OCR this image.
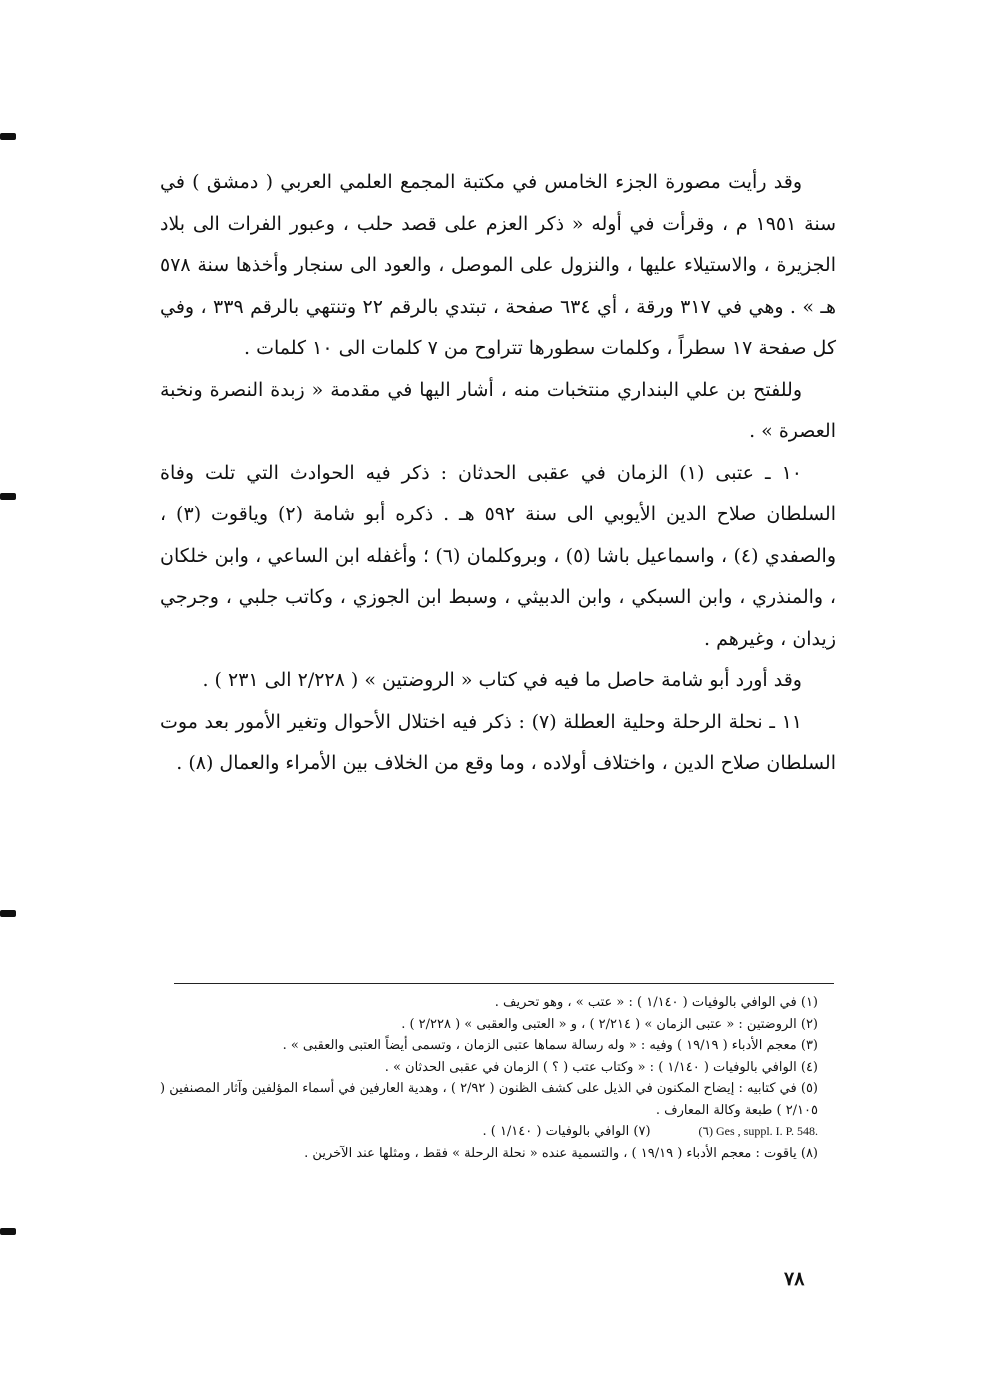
وقد رأيت مصورة الجزء الخامس في مكتبة المجمع العلمي العربي ( دمشق ) في سنة ١٩٥١ م ، وقرأت في أوله « ذكر العزم على قصد حلب ، وعبور الفرات الى بلاد الجزيرة ، والاستيلاء عليها ، والنزول على الموصل ، والعود الى سنجار وأخذها سنة ٥٧٨ هـ » . وهي في ٣١٧ ورقة ، أي ٦٣٤ صفحة ، تبتدي بالرقم ٢٢ وتنتهي بالرقم ٣٣٩ ، وفي كل صفحة ١٧ سطراً ، وكلمات سطورها تتراوح من ٧ كلمات الى ١٠ كلمات .

وللفتح بن علي البنداري منتخبات منه ، أشار اليها في مقدمة « زبدة النصرة ونخبة العصرة » .

١٠ ـ عتبى (١) الزمان في عقبى الحدثان : ذكر فيه الحوادث التي تلت وفاة السلطان صلاح الدين الأيوبي الى سنة ٥٩٢ هـ . ذكره أبو شامة (٢) وياقوت (٣) ، والصفدي (٤) ، واسماعيل باشا (٥) ، وبروكلمان (٦) ؛ وأغفله ابن الساعي ، وابن خلكان ، والمنذري ، وابن السبكي ، وابن الدبيثي ، وسبط ابن الجوزي ، وكاتب جلبي ، وجرجي زيدان ، وغيرهم .

وقد أورد أبو شامة حاصل ما فيه في كتاب « الروضتين » ( ٢/٢٢٨ الى ٢٣١ ) .

١١ ـ نحلة الرحلة وحلية العطلة (٧) : ذكر فيه اختلال الأحوال وتغير الأمور بعد موت السلطان صلاح الدين ، واختلاف أولاده ، وما وقع من الخلاف بين الأمراء والعمال (٨) .

(١) في الوافي بالوفيات ( ١/١٤٠ ) : « عتب » ، وهو تحريف .

(٢) الروضتين : « عتبى الزمان » ( ٢/٢١٤ ) ، و « العتبى والعقبى » ( ٢/٢٢٨ ) .

(٣) معجم الأدباء ( ١٩/١٩ ) وفيه : « وله رسالة سماها عتبى الزمان ، وتسمى أيضاً العتبى والعقبى » .

(٤) الوافي بالوفيات ( ١/١٤٠ ) : « وكتاب عتب ( ؟ ) الزمان في عقبى الحدثان » .

(٥) في كتابيه : إيضاح المكنون في الذيل على كشف الظنون ( ٢/٩٢ ) ، وهدية العارفين في أسماء المؤلفين وآثار المصنفين ( ٢/١٠٥ ) طبعة وكالة المعارف .

(٦) Ges , suppl. I. P. 548.
(٧) الوافي بالوفيات ( ١/١٤٠ ) .

(٨) ياقوت : معجم الأدباء ( ١٩/١٩ ) ، والتسمية عنده « نحلة الرحلة » فقط ، ومثلها عند الآخرين .

٧٨
